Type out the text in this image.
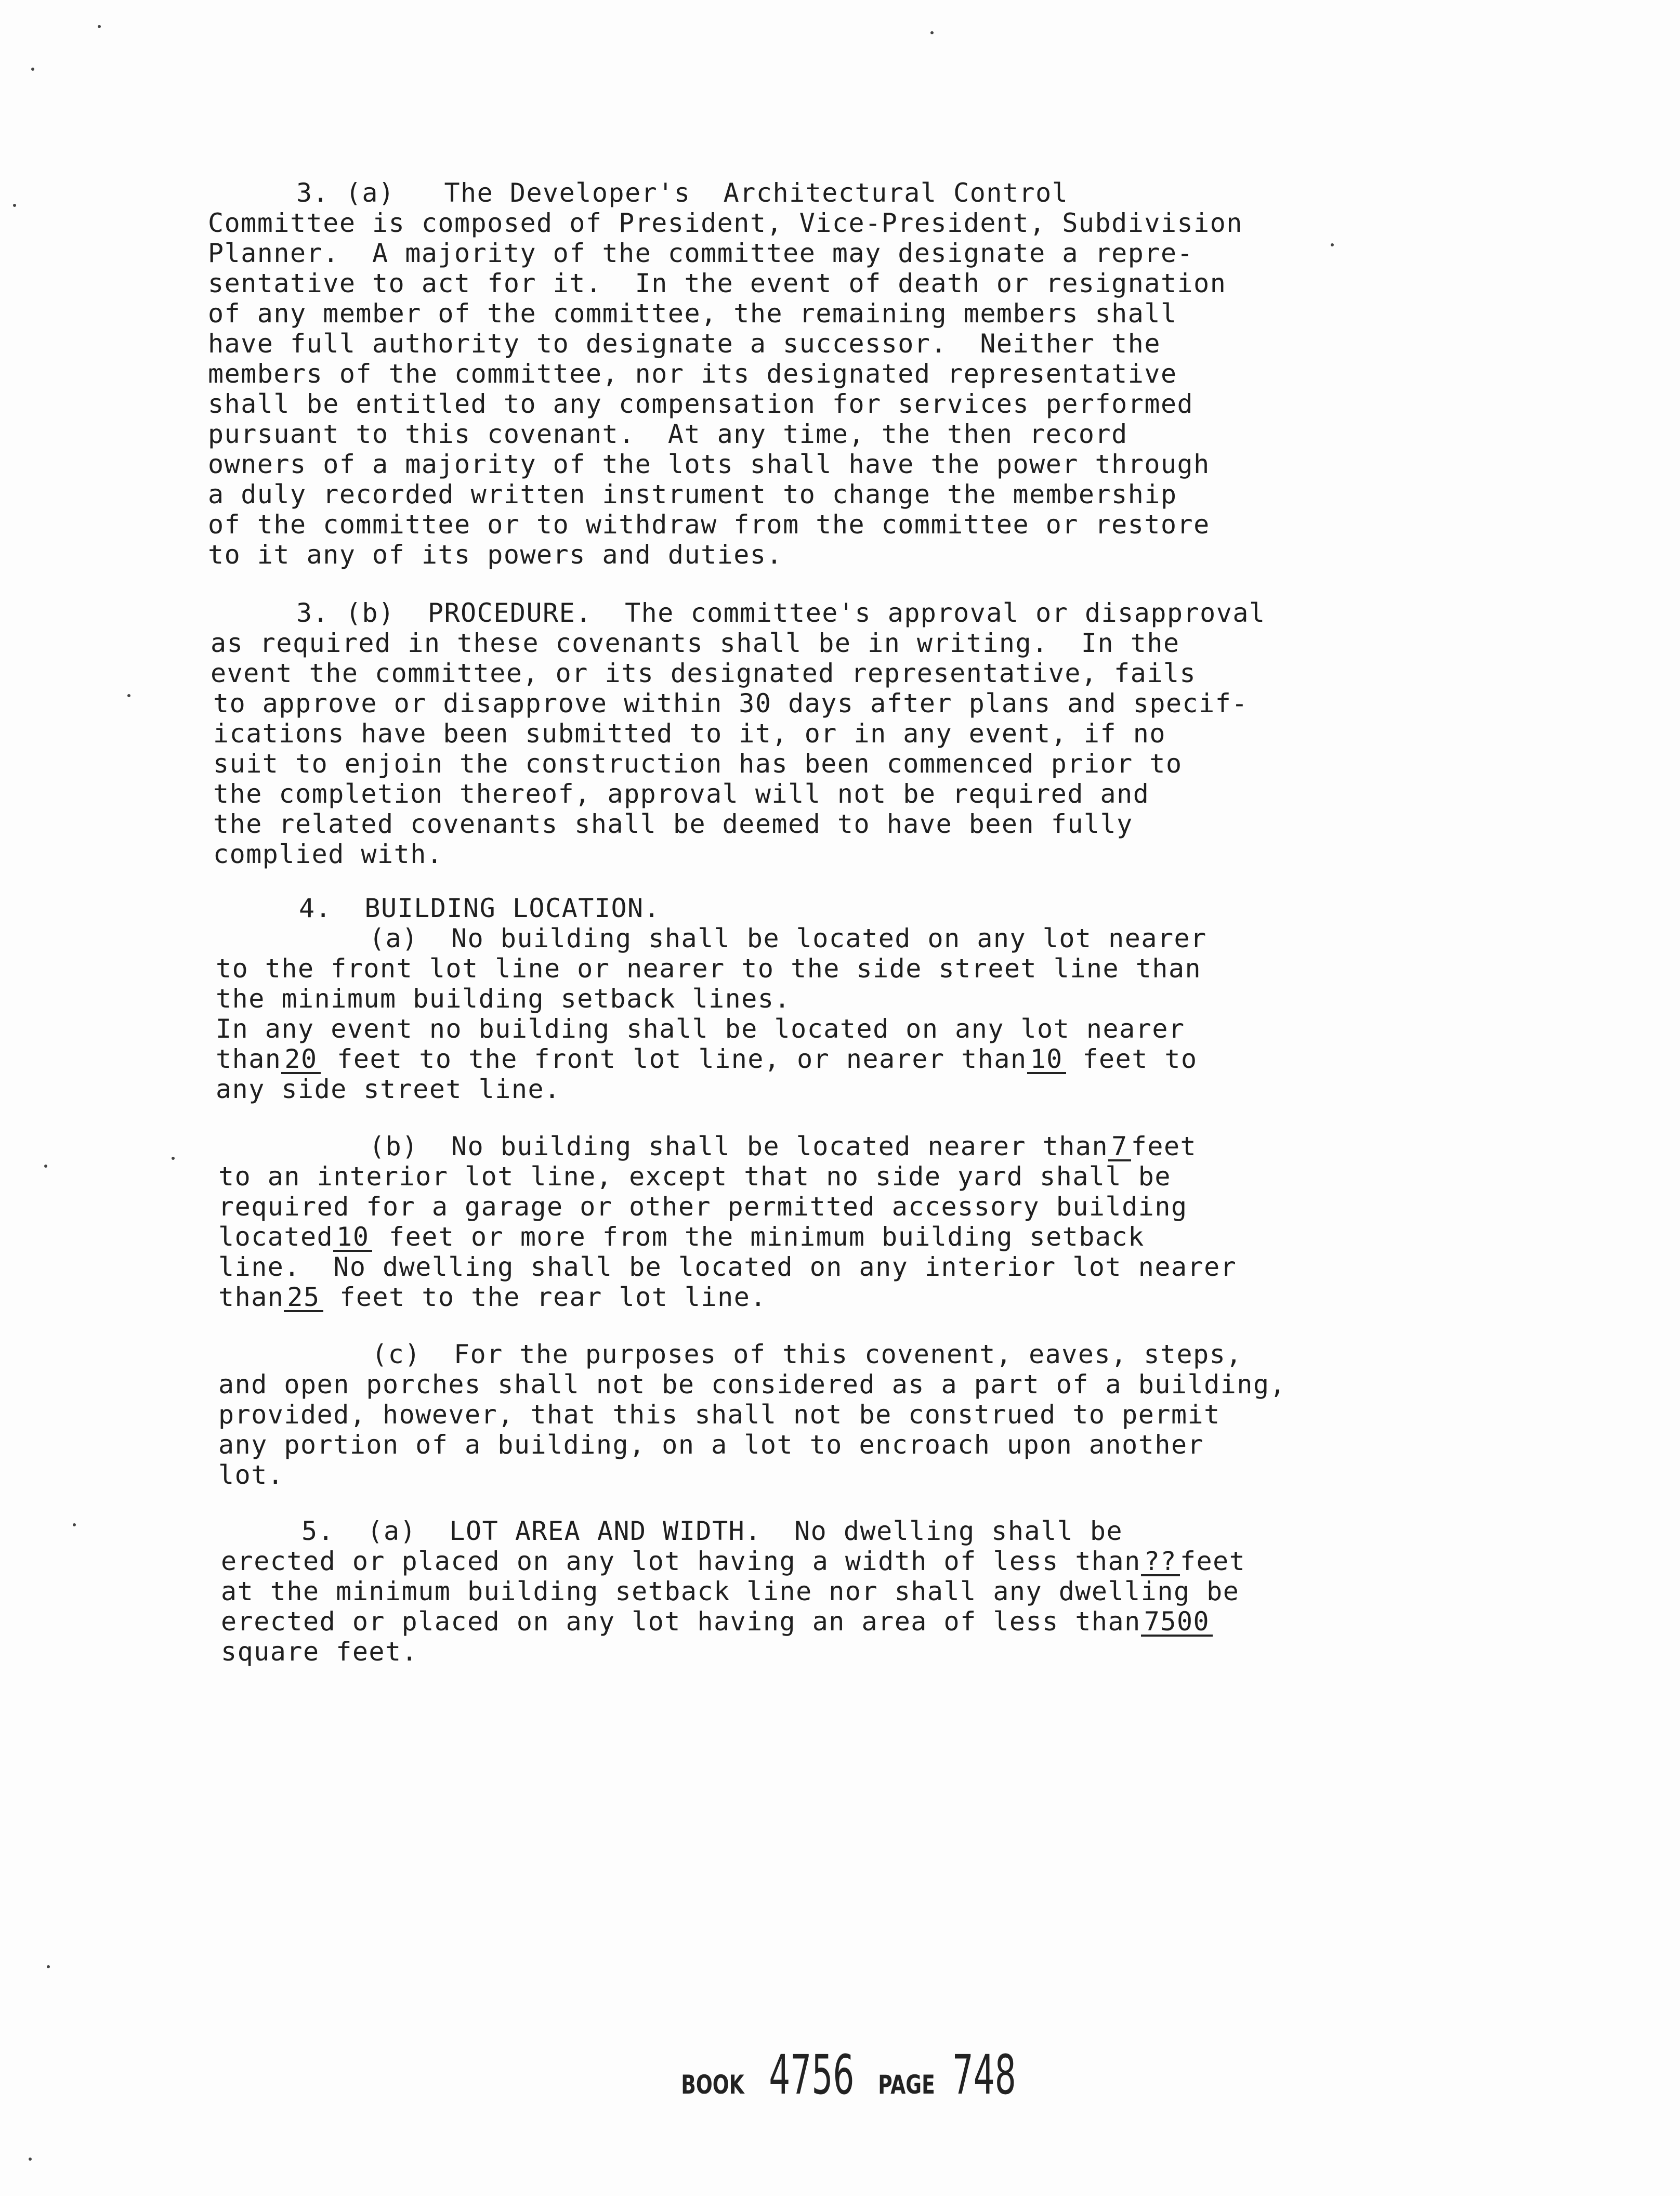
3. (a) The Developer's  Architectural Control
Committee is composed of President, Vice-President, Subdivision
Planner.  A majority of the committee may designate a repre-
sentative to act for it.  In the event of death or resignation
of any member of the committee, the remaining members shall
have full authority to designate a successor.  Neither the
members of the committee, nor its designated representative
shall be entitled to any compensation for services performed
pursuant to this covenant.  At any time, the then record
owners of a majority of the lots shall have the power through
a duly recorded written instrument to change the membership
of the committee or to withdraw from the committee or restore
to it any of its powers and duties.
3. (b) PROCEDURE.  The committee's approval or disapproval
as required in these covenants shall be in writing.  In the
event the committee, or its designated representative, fails
to approve or disapprove within 30 days after plans and specif-
ications have been submitted to it, or in any event, if no
suit to enjoin the construction has been commenced prior to
the completion thereof, approval will not be required and
the related covenants shall be deemed to have been fully
complied with.
4.  BUILDING LOCATION.
(a) No building shall be located on any lot nearer
to the front lot line or nearer to the side street line than
the minimum building setback lines.
In any event no building shall be located on any lot nearer
than 20 feet to the front lot line, or nearer than 10 feet to
any side street line.
(b)  No building shall be located nearer than 7 feet
to an interior lot line, except that no side yard shall be
required for a garage or other permitted accessory building
located 10 feet or more from the minimum building setback
line.  No dwelling shall be located on any interior lot nearer
than 25 feet to the rear lot line.
(c)  For the purposes of this covenent, eaves, steps,
and open porches shall not be considered as a part of a building,
provided, however, that this shall not be construed to permit
any portion of a building, on a lot to encroach upon another
lot.
5.  (a)  LOT AREA AND WIDTH.  No dwelling shall be
erected or placed on any lot having a width of less than ?? feet
at the minimum building setback line nor shall any dwelling be
erected or placed on any lot having an area of less than 7500
square feet.
BOOK 4756 PAGE 748
